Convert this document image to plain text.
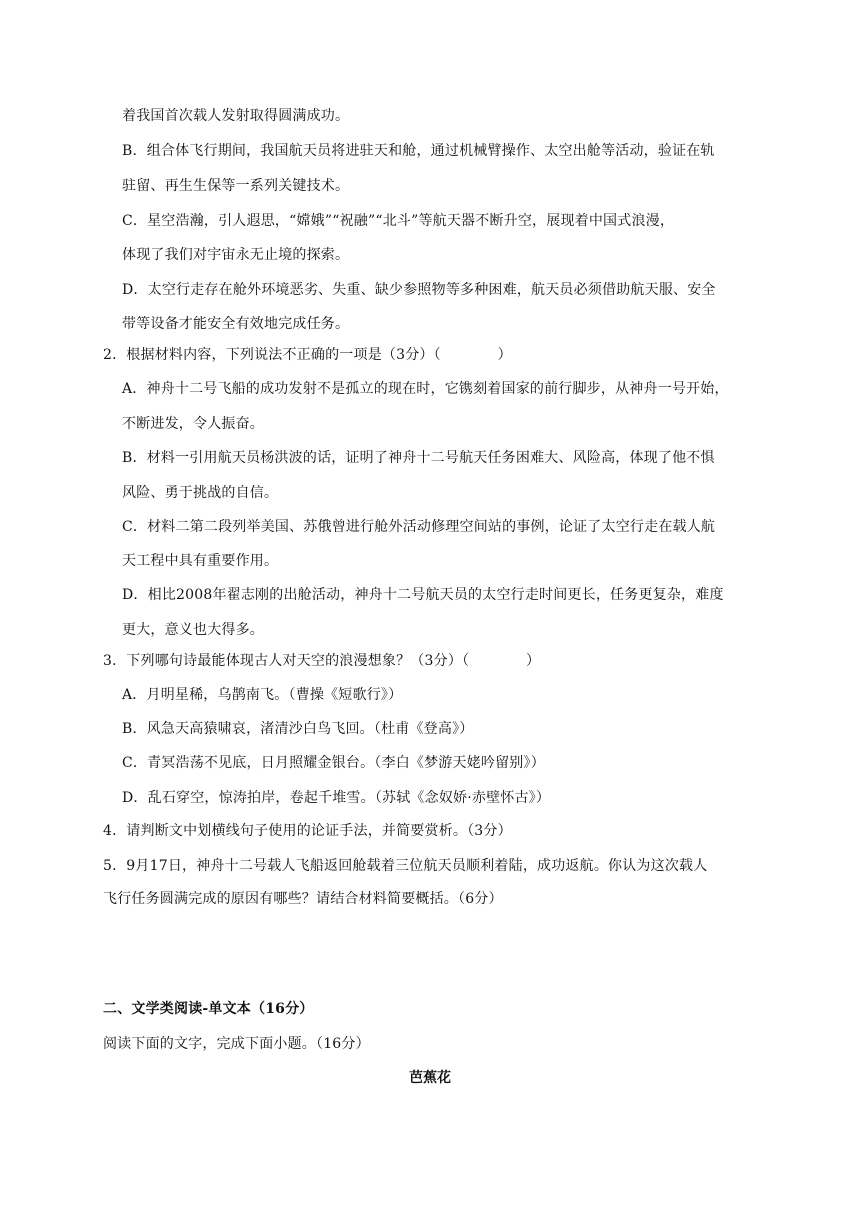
着我国首次载人发射取得圆满成功。
B．组合体飞行期间，我国航天员将进驻天和舱，通过机械臂操作、太空出舱等活动，验证在轨
驻留、再生生保等一系列关键技术。
C．星空浩瀚，引人遐思，“嫦娥”“祝融”“北斗”等航天器不断升空，展现着中国式浪漫，
体现了我们对宇宙永无止境的探索。
D．太空行走存在舱外环境恶劣、失重、缺少参照物等多种困难，航天员必须借助航天服、安全
带等设备才能安全有效地完成任务。
2．根据材料内容，下列说法不正确的一项是（3分）（　　　　）
A．神舟十二号飞船的成功发射不是孤立的现在时，它镌刻着国家的前行脚步，从神舟一号开始，
不断进发，令人振奋。
B．材料一引用航天员杨洪波的话，证明了神舟十二号航天任务困难大、风险高，体现了他不惧
风险、勇于挑战的自信。
C．材料二第二段列举美国、苏俄曾进行舱外活动修理空间站的事例，论证了太空行走在载人航
天工程中具有重要作用。
D．相比2008年翟志刚的出舱活动，神舟十二号航天员的太空行走时间更长，任务更复杂，难度
更大，意义也大得多。
3．下列哪句诗最能体现古人对天空的浪漫想象？（3分）（　　　　）
A．月明星稀，乌鹊南飞。（曹操《短歌行》）
B．风急天高猿啸哀，渚清沙白鸟飞回。（杜甫《登高》）
C．青冥浩荡不见底，日月照耀金银台。（李白《梦游天姥吟留别》）
D．乱石穿空，惊涛拍岸，卷起千堆雪。（苏轼《念奴娇·赤壁怀古》）
4．请判断文中划横线句子使用的论证手法，并简要赏析。（3分）
5．9月17日，神舟十二号载人飞船返回舱载着三位航天员顺利着陆，成功返航。你认为这次载人
飞行任务圆满完成的原因有哪些？请结合材料简要概括。（6分）
二、文学类阅读-单文本（16分）
阅读下面的文字，完成下面小题。（16分）
芭蕉花
